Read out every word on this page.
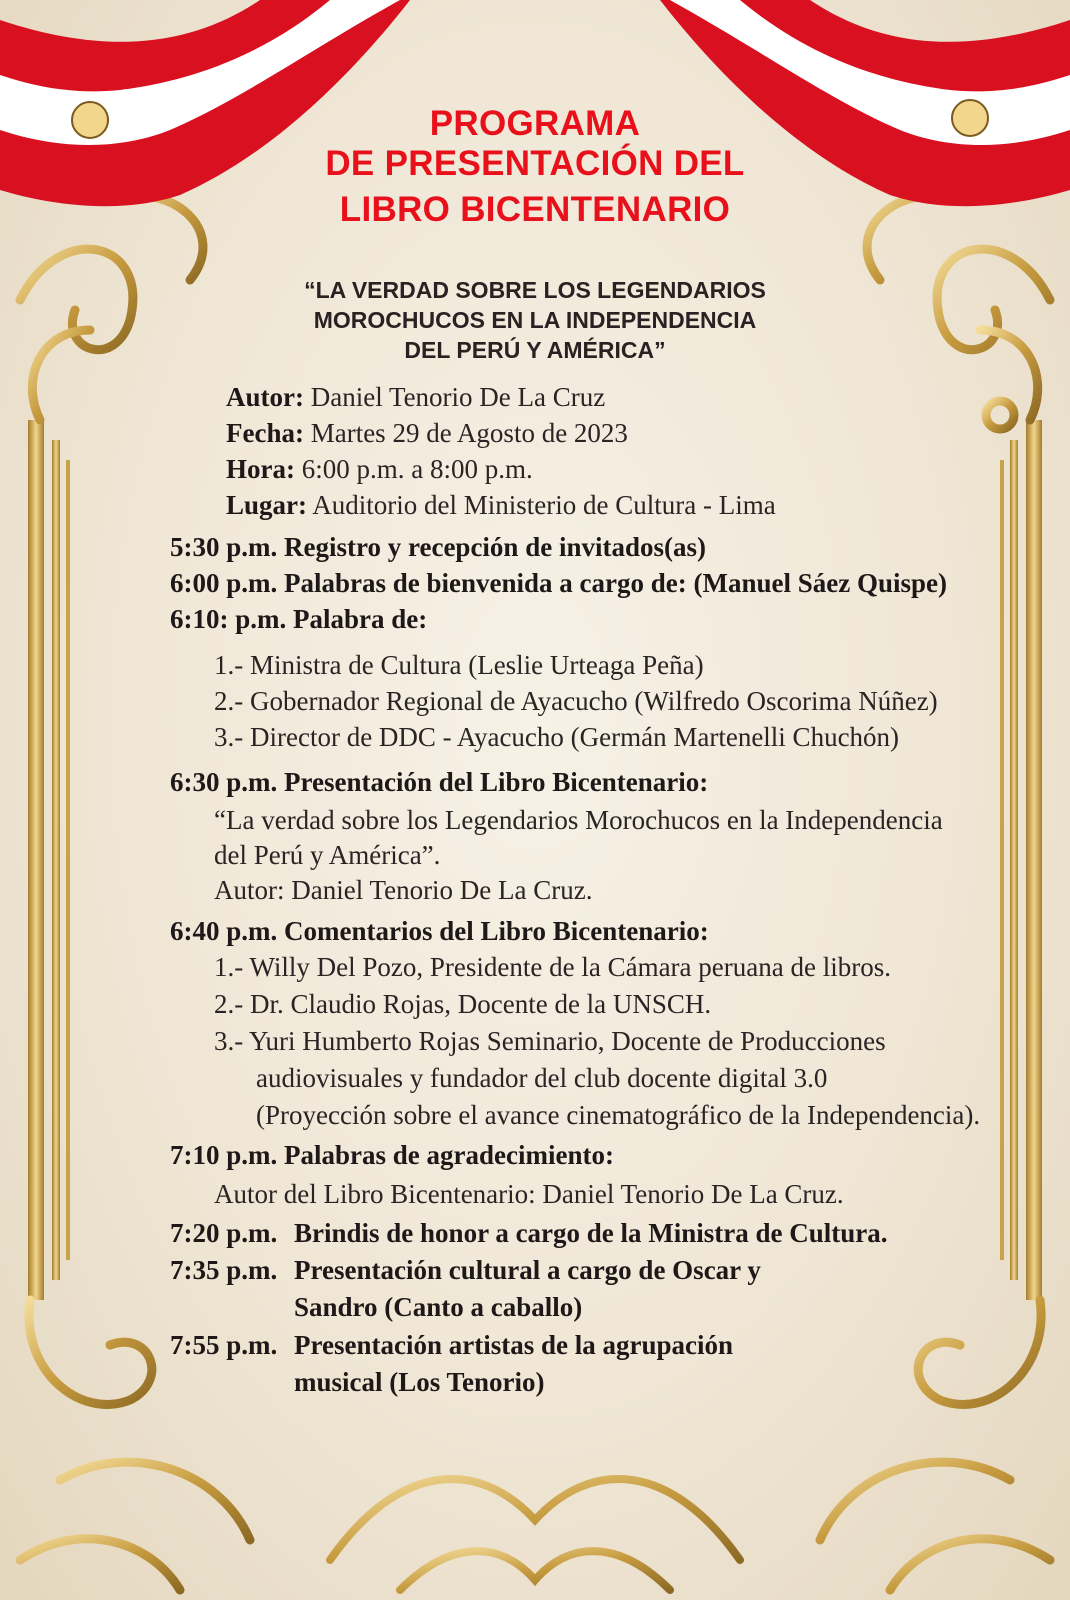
PROGRAMA
DE PRESENTACIÓN DEL
LIBRO BICENTENARIO
“LA VERDAD SOBRE LOS LEGENDARIOS
MOROCHUCOS EN LA INDEPENDENCIA
DEL PERÚ Y AMÉRICA”
Autor: Daniel Tenorio De La Cruz
Fecha: Martes 29 de Agosto de 2023
Hora: 6:00 p.m. a 8:00 p.m.
Lugar: Auditorio del Ministerio de Cultura - Lima
5:30 p.m. Registro y recepción de invitados(as)
6:00 p.m. Palabras de bienvenida a cargo de: (Manuel Sáez Quispe)
6:10: p.m. Palabra de:
1.- Ministra de Cultura (Leslie Urteaga Peña)
2.- Gobernador Regional de Ayacucho (Wilfredo Oscorima Núñez)
3.- Director de DDC - Ayacucho (Germán Martenelli Chuchón)
6:30 p.m. Presentación del Libro Bicentenario:
“La verdad sobre los Legendarios Morochucos en la Independencia
del Perú y América”.
Autor: Daniel Tenorio De La Cruz.
6:40 p.m. Comentarios del Libro Bicentenario:
1.- Willy Del Pozo, Presidente de la Cámara peruana de libros.
2.- Dr. Claudio Rojas, Docente de la UNSCH.
3.- Yuri Humberto Rojas Seminario, Docente de Producciones
audiovisuales y fundador del club docente digital 3.0
(Proyección sobre el avance cinematográfico de la Independencia).
7:10 p.m. Palabras de agradecimiento:
Autor del Libro Bicentenario: Daniel Tenorio De La Cruz.
7:20 p.m. Brindis de honor a cargo de la Ministra de Cultura.
7:35 p.m. Presentación cultural a cargo de Oscar y
Sandro (Canto a caballo)
7:55 p.m. Presentación artistas de la agrupación
musical (Los Tenorio)
